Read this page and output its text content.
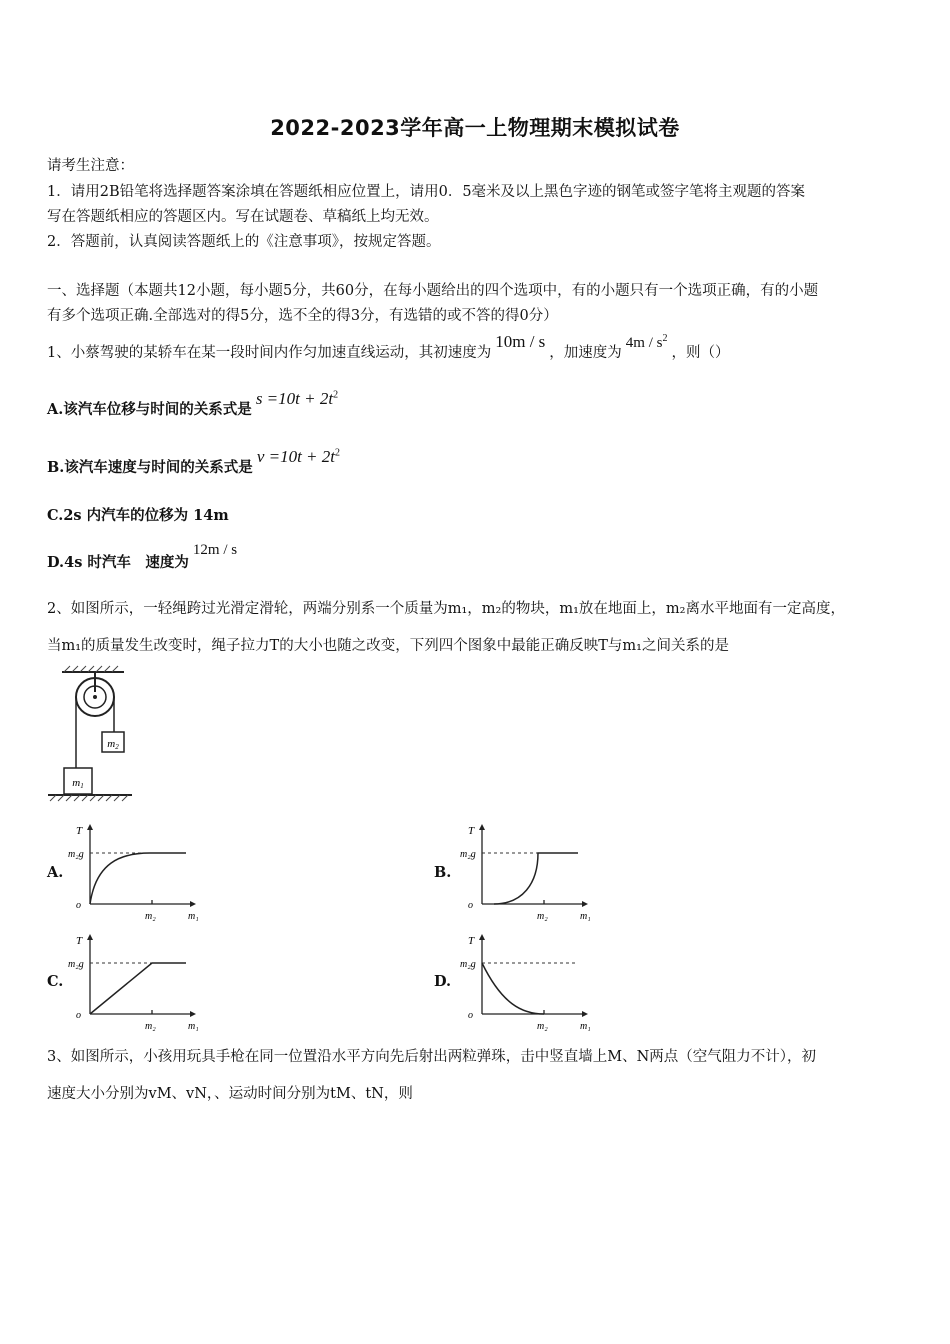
2022-2023学年高一上物理期末模拟试卷
请考生注意：
1．请用2B铅笔将选择题答案涂填在答题纸相应位置上，请用0．5毫米及以上黑色字迹的钢笔或签字笔将主观题的答案
写在答题纸相应的答题区内。写在试题卷、草稿纸上均无效。
2．答题前，认真阅读答题纸上的《注意事项》，按规定答题。
一、选择题（本题共12小题，每小题5分，共60分，在每小题给出的四个选项中，有的小题只有一个选项正确，有的小题
有多个选项正确.全部选对的得5分，选不全的得3分，有选错的或不答的得0分）
1、小蔡驾驶的某轿车在某一段时间内作匀加速直线运动，其初速度为10m / s，加速度为$4m / s^2$，则（）
A.该汽车位移与时间的关系式是$s =10t + 2t^2$
B.该汽车速度与时间的关系式是$v =10t + 2t^2$
C.2s 内汽车的位移为 14m
D.4s 时汽车　速度为12m / s
2、如图所示，一轻绳跨过光滑定滑轮，两端分别系一个质量为m₁，m₂的物块，m₁放在地面上，m₂离水平地面有一定高度，
当m₁的质量发生改变时，绳子拉力T的大小也随之改变，下列四个图象中最能正确反映T与m₁之间关系的是
m2
m1
A.	B.
C.	D.
T
m₂g
o
m₂	m₁
T
m₂g
o
m₂	m₁
T
m₂g
o
m₂	m₁
T
m₂g
o
m₂	m₁
3、如图所示，小孩用玩具手枪在同一位置沿水平方向先后射出两粒弹珠，击中竖直墙上M、N两点（空气阻力不计），初
速度大小分别为vM、vN，、运动时间分别为tM、tN，则
